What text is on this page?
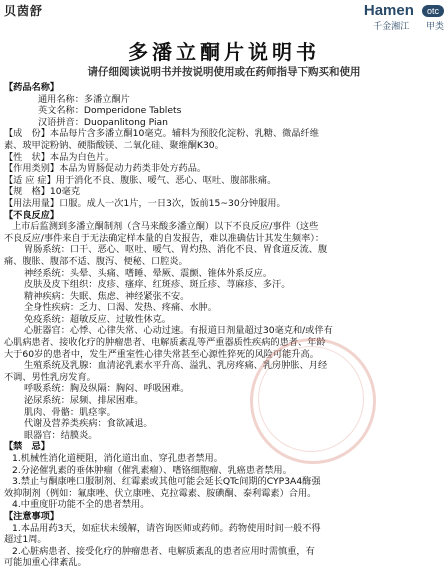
贝茵舒	Hamen otc
千金湘江 甲类
多潘立酮片说明书
请仔细阅读说明书并按说明使用或在药师指导下购买和使用
【药品名称】
通用名称：多潘立酮片
英文名称：Domperidone Tablets
汉语拼音：Duopanlitong Pian
【成　份】本品每片含多潘立酮10毫克。辅料为预胶化淀粉、乳糖、微晶纤维
素、玻甲淀粉钠、硬脂酸镁、二氧化硅、聚维酮K30。
【性　状】本品为白色片。
【作用类别】本品为胃肠促动力药类非处方药品。
【适 应 症】用于消化不良、腹胀、嗳气、恶心、呕吐、腹部胀痛。
【规　格】10毫克
【用法用量】口服。成人一次1片，一日3次，饭前15~30分钟服用。
【不良反应】
上市后监测到多潘立酮制剂（含马来酸多潘立酮）以下不良反应/事件（这些
不良反应/事件来自于无法确定样本量的自发报告，难以准确估计其发生频率）：
胃肠系统：口干、恶心、呕吐、嗳气、胃灼热、消化不良、胃食道反流、腹
痛、腹胀、腹部不适、腹泻、便秘、口腔炎。
神经系统：头晕、头痛、嗜睡、晕厥、震颤、锥体外系反应。
皮肤及皮下组织：皮疹、瘙痒、红斑疹、斑丘疹、荨麻疹、多汗。
精神疾病：失眠、焦虑、神经紧张不安。
全身性疾病：乏力、口渴、发热、疼痛、水肿。
免疫系统：超敏反应、过敏性休克。
心脏器官：心悸、心律失常、心动过速。有报道日剂量超过30毫克和/或伴有
心肌病患者、接收化疗的肿瘤患者、电解质紊乱等严重器质性疾病的患者、年龄
大于60岁的患者中，发生严重室性心律失常甚至心源性猝死的风险可能升高。
生殖系统及乳腺：血清泌乳素水平升高、溢乳、乳房疼痛、乳房肿胀、月经
不调、男性乳房发育。
呼吸系统：胸及纵隔：胸闷、呼吸困难。
泌尿系统：尿频、排尿困难。
肌肉、骨骼：肌痉挛。
代谢及营养类疾病：食欲减退。
眼器官：结膜炎。
【禁　忌】
1.机械性消化道梗阻，消化道出血、穿孔患者禁用。
2.分泌催乳素的垂体肿瘤（催乳素瘤）、嗜铬细胞瘤、乳癌患者禁用。
3.禁止与酮康唑口服制剂、红霉素或其他可能会延长QTc间期的CYP3A4酶强
效抑制剂（例如：氟康唑、伏立康唑、克拉霉素、胺碘酮、泰利霉素）合用。
4.中重度肝功能不全的患者禁用。
【注意事项】
1.本品用药3天，如症状未缓解，请咨询医师或药师。药物使用时间一般不得
超过1周。
2.心脏病患者、接受化疗的肿瘤患者、电解质紊乱的患者应用时需慎重，有
可能加重心律紊乱。
